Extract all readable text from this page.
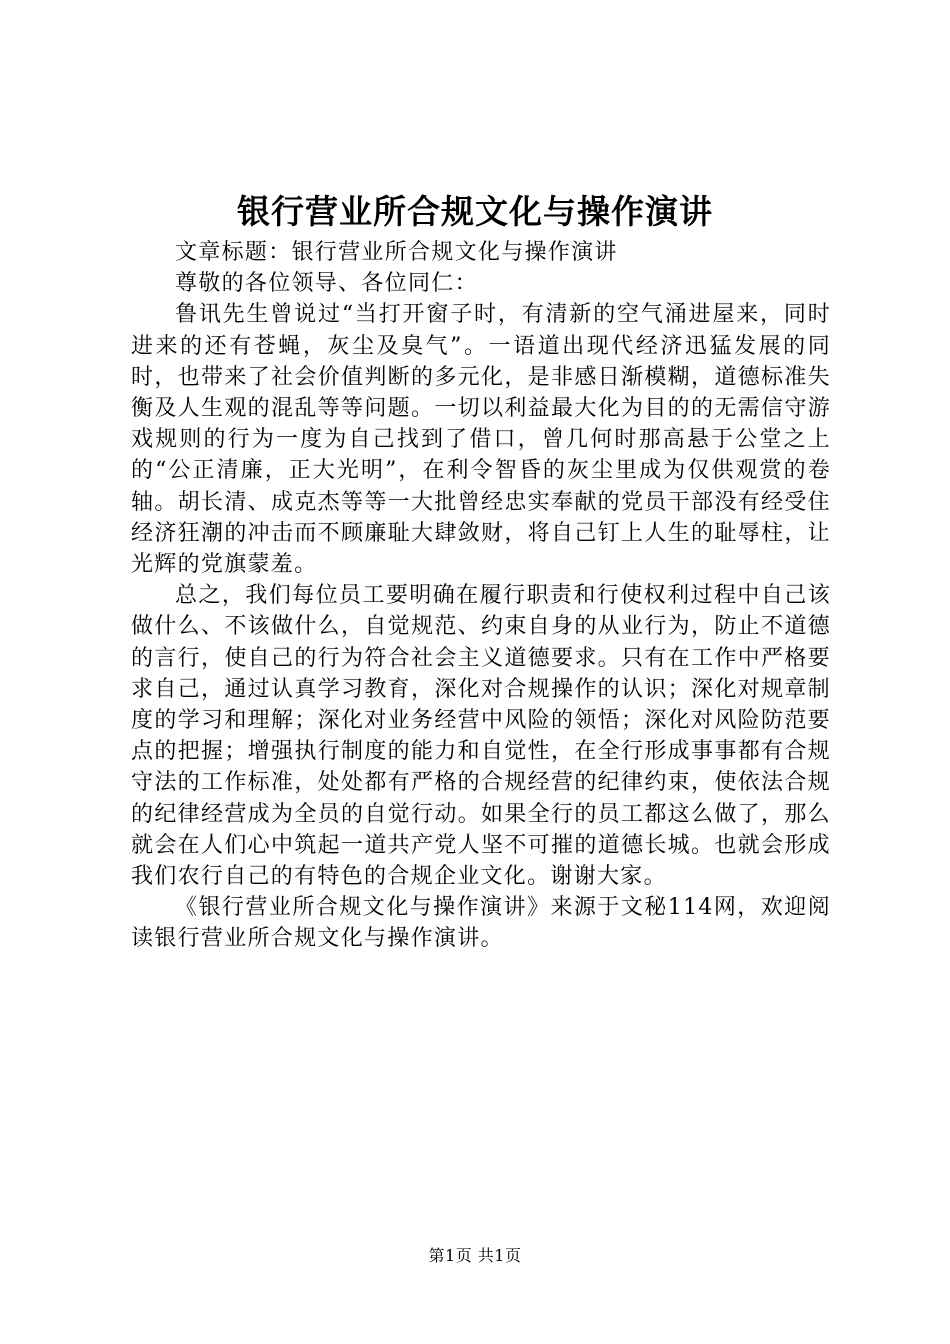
银行营业所合规文化与操作演讲

文章标题：银行营业所合规文化与操作演讲

尊敬的各位领导、各位同仁：

鲁讯先生曾说过“当打开窗子时，有清新的空气涌进屋来，同时进来的还有苍蝇，灰尘及臭气”。一语道出现代经济迅猛发展的同时，也带来了社会价值判断的多元化，是非感日渐模糊，道德标准失衡及人生观的混乱等等问题。一切以利益最大化为目的的无需信守游戏规则的行为一度为自己找到了借口，曾几何时那高悬于公堂之上的“公正清廉，正大光明”，在利令智昏的灰尘里成为仅供观赏的卷轴。胡长清、成克杰等等一大批曾经忠实奉献的党员干部没有经受住经济狂潮的冲击而不顾廉耻大肆敛财，将自己钉上人生的耻辱柱，让光辉的党旗蒙羞。

总之，我们每位员工要明确在履行职责和行使权利过程中自己该做什么、不该做什么，自觉规范、约束自身的从业行为，防止不道德的言行，使自己的行为符合社会主义道德要求。只有在工作中严格要求自己，通过认真学习教育，深化对合规操作的认识；深化对规章制度的学习和理解；深化对业务经营中风险的领悟；深化对风险防范要点的把握；增强执行制度的能力和自觉性，在全行形成事事都有合规守法的工作标准，处处都有严格的合规经营的纪律约束，使依法合规的纪律经营成为全员的自觉行动。如果全行的员工都这么做了，那么就会在人们心中筑起一道共产党人坚不可摧的道德长城。也就会形成我们农行自己的有特色的合规企业文化。谢谢大家。

《银行营业所合规文化与操作演讲》来源于文秘114网，欢迎阅读银行营业所合规文化与操作演讲。

第1页 共1页
